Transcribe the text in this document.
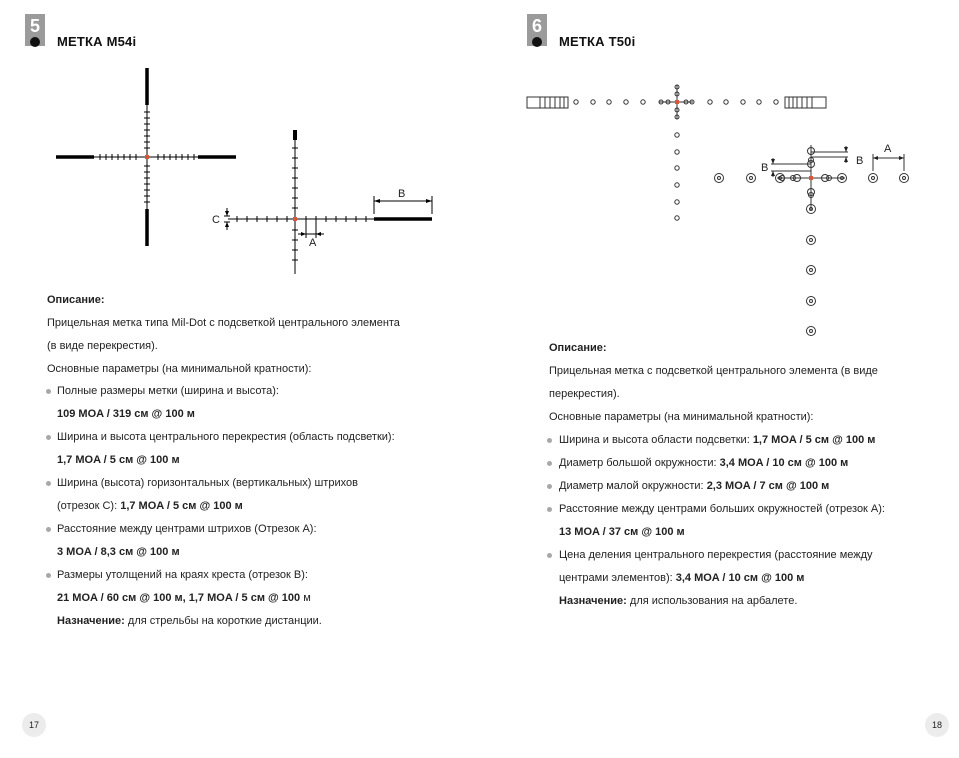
5
МЕТКА M54i
C
A
B
Описание:
Прицельная метка типа Mil-Dot с подсветкой центрального элемента
(в виде перекрестия).
Основные параметры (на минимальной кратности):
Полные размеры метки (ширина и высота):
109 MOA / 319 см @ 100 м
Ширина и высота центрального перекрестия (область подсветки):
1,7 MOA / 5 см @ 100 м
Ширина (высота) горизонтальных (вертикальных) штрихов
(отрезок С): 1,7 MOA / 5 см @ 100 м
Расстояние между центрами штрихов (Отрезок А):
3 MOA / 8,3 см @ 100 м
Размеры утолщений на краях креста (отрезок В):
21 MOA / 60 см @ 100 м, 1,7 MOA / 5 см @ 100 м
Назначение: для стрельбы на короткие дистанции.
17
6
МЕТКА T50i
B
B
A
Описание:
Прицельная метка с подсветкой центрального элемента (в виде
перекрестия).
Основные параметры (на минимальной кратности):
Ширина и высота области подсветки: 1,7 MOA / 5 см @ 100 м
Диаметр большой окружности: 3,4 MOA / 10 см @ 100 м
Диаметр малой окружности: 2,3 MOA / 7 см @ 100 м
Расстояние между центрами больших окружностей (отрезок А):
13 MOA / 37 см @ 100 м
Цена деления центрального перекрестия (расстояние между
центрами элементов): 3,4 MOA / 10 см @ 100 м
Назначение: для использования на арбалете.
18
